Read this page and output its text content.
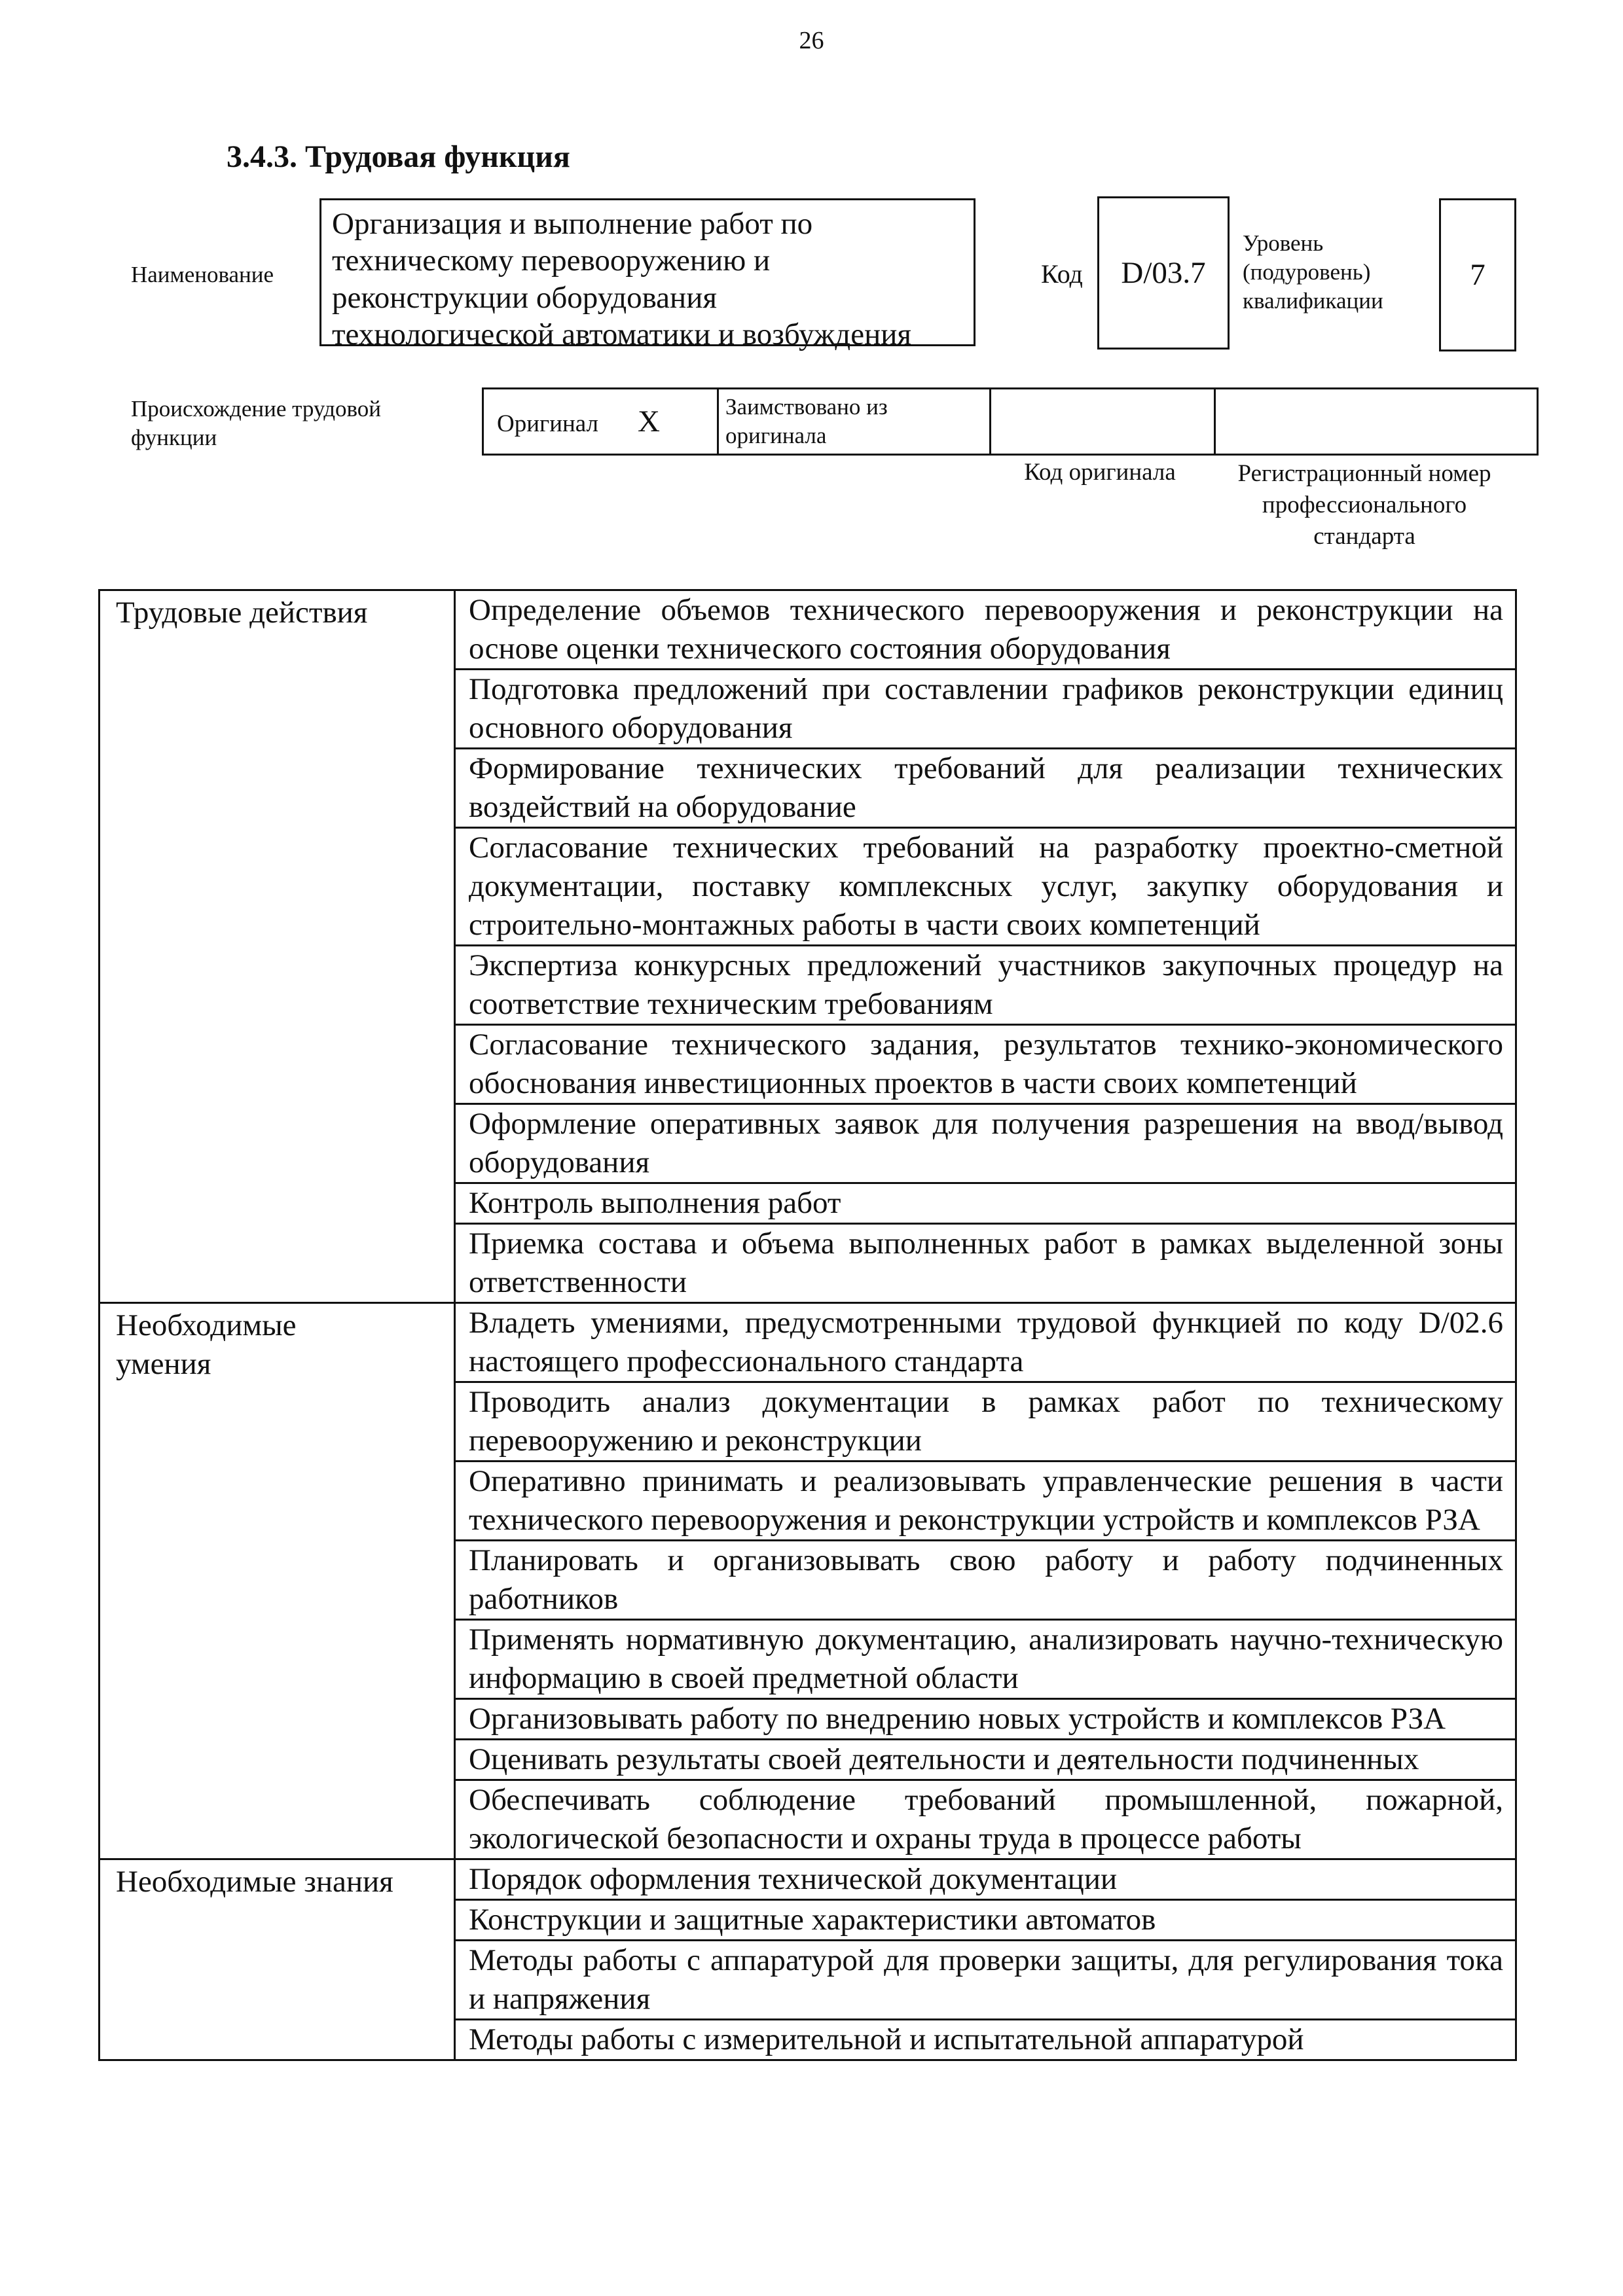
26
3.4.3. Трудовая функция
Наименование
Организация и выполнение работ по
техническому перевооружению и
реконструкции оборудования
технологической автоматики и возбуждения
Код D/03.7
Уровень
(подуровень)
квалификации
7
Происхождение трудовой
функции
Оригинал X	Заимствовано из
оригинала

Код оригинала	Регистрационный номер
профессионального
стандарта
Трудовые действия	Определение объемов технического перевооружения и реконструкции на основе оценки технического состояния оборудования
	Подготовка предложений при составлении графиков реконструкции единиц основного оборудования
	Формирование технических требований для реализации технических воздействий на оборудование
	Согласование технических требований на разработку проектно-сметной документации, поставку комплексных услуг, закупку оборудования и строительно-монтажных работы в части своих компетенций
	Экспертиза конкурсных предложений участников закупочных процедур на соответствие техническим требованиям
	Согласование технического задания, результатов технико-экономического обоснования инвестиционных проектов в части своих компетенций
	Оформление оперативных заявок для получения разрешения на ввод/вывод оборудования
	Контроль выполнения работ
	Приемка состава и объема выполненных работ в рамках выделенной зоны ответственности

Необходимые
умения	Владеть умениями, предусмотренными трудовой функцией по коду D/02.6 настоящего профессионального стандарта
	Проводить анализ документации в рамках работ по техническому перевооружению и реконструкции
	Оперативно принимать и реализовывать управленческие решения в части технического перевооружения и реконструкции устройств и комплексов РЗА
	Планировать и организовывать свою работу и работу подчиненных работников
	Применять нормативную документацию, анализировать научно-техническую информацию в своей предметной области
	Организовывать работу по внедрению новых устройств и комплексов РЗА
	Оценивать результаты своей деятельности и деятельности подчиненных
	Обеспечивать соблюдение требований промышленной, пожарной, экологической безопасности и охраны труда в процессе работы

Необходимые знания	Порядок оформления технической документации
	Конструкции и защитные характеристики автоматов
	Методы работы с аппаратурой для проверки защиты, для регулирования тока и напряжения
	Методы работы с измерительной и испытательной аппаратурой
